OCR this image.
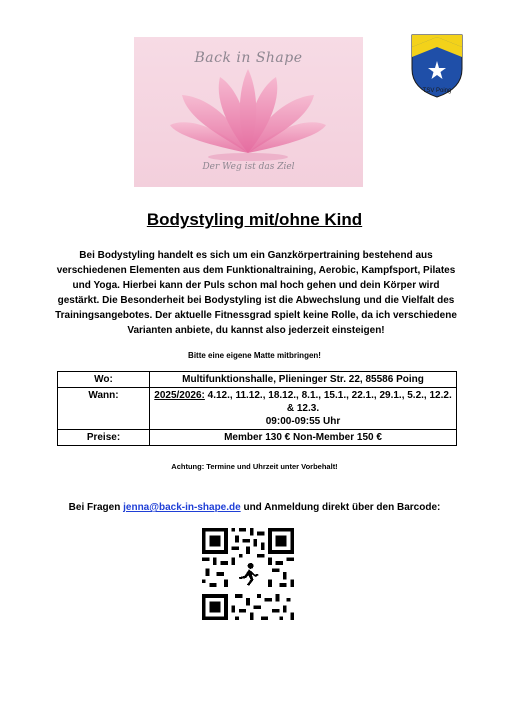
Back in Shape
Der Weg ist das Ziel
TSV Poing
Bodystyling mit/ohne Kind
Bei Bodystyling handelt es sich um ein Ganzkörpertraining bestehend aus verschiedenen Elementen aus dem Funktionaltraining, Aerobic, Kampfsport, Pilates und Yoga. Hierbei kann der Puls schon mal hoch gehen und dein Körper wird gestärkt. Die Besonderheit bei Bodystyling ist die Abwechslung und die Vielfalt des Trainingsangebotes. Der aktuelle Fitnessgrad spielt keine Rolle, da ich verschiedene Varianten anbiete, du kannst also jederzeit einsteigen!
Bitte eine eigene Matte mitbringen!
Wo:	Multifunktionshalle, Plieninger Str. 22, 85586 Poing
Wann:	2025/2026: 4.12., 11.12., 18.12., 8.1., 15.1., 22.1., 29.1., 5.2., 12.2. & 12.3.
09:00-09:55 Uhr
Preise:	Member 130 € Non-Member 150 €
Achtung: Termine und Uhrzeit unter Vorbehalt!
Bei Fragen jenna@back-in-shape.de und Anmeldung direkt über den Barcode:
